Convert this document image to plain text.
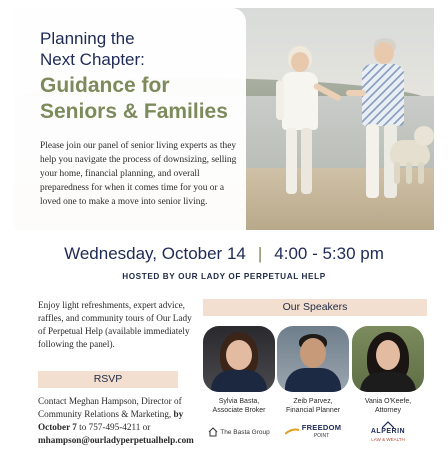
Planning the
Next Chapter:
Guidance for
Seniors & Families

Please join our panel of senior living experts as they help you navigate the process of downsizing, selling your home, financial planning, and overall preparedness for when it comes time for you or a loved one to make a move into senior living.

Wednesday, October 14 | 4:00 - 5:30 pm
HOSTED BY OUR LADY OF PERPETUAL HELP

Enjoy light refreshments, expert advice, raffles, and community tours of Our Lady of Perpetual Help (available immediately following the panel).

RSVP

Contact Meghan Hampson, Director of Community Relations & Marketing, by October 7 to 757-495-4211 or mhampson@ourladyperpetualhelp.com

Our Speakers
Sylvia Basta,
Associate Broker
The Basta Group
Zeib Parvez,
Financial Planner
FREEDOM
POINT
Vania O'Keefe,
Attorney
ALPERIN
LAW & WEALTH
